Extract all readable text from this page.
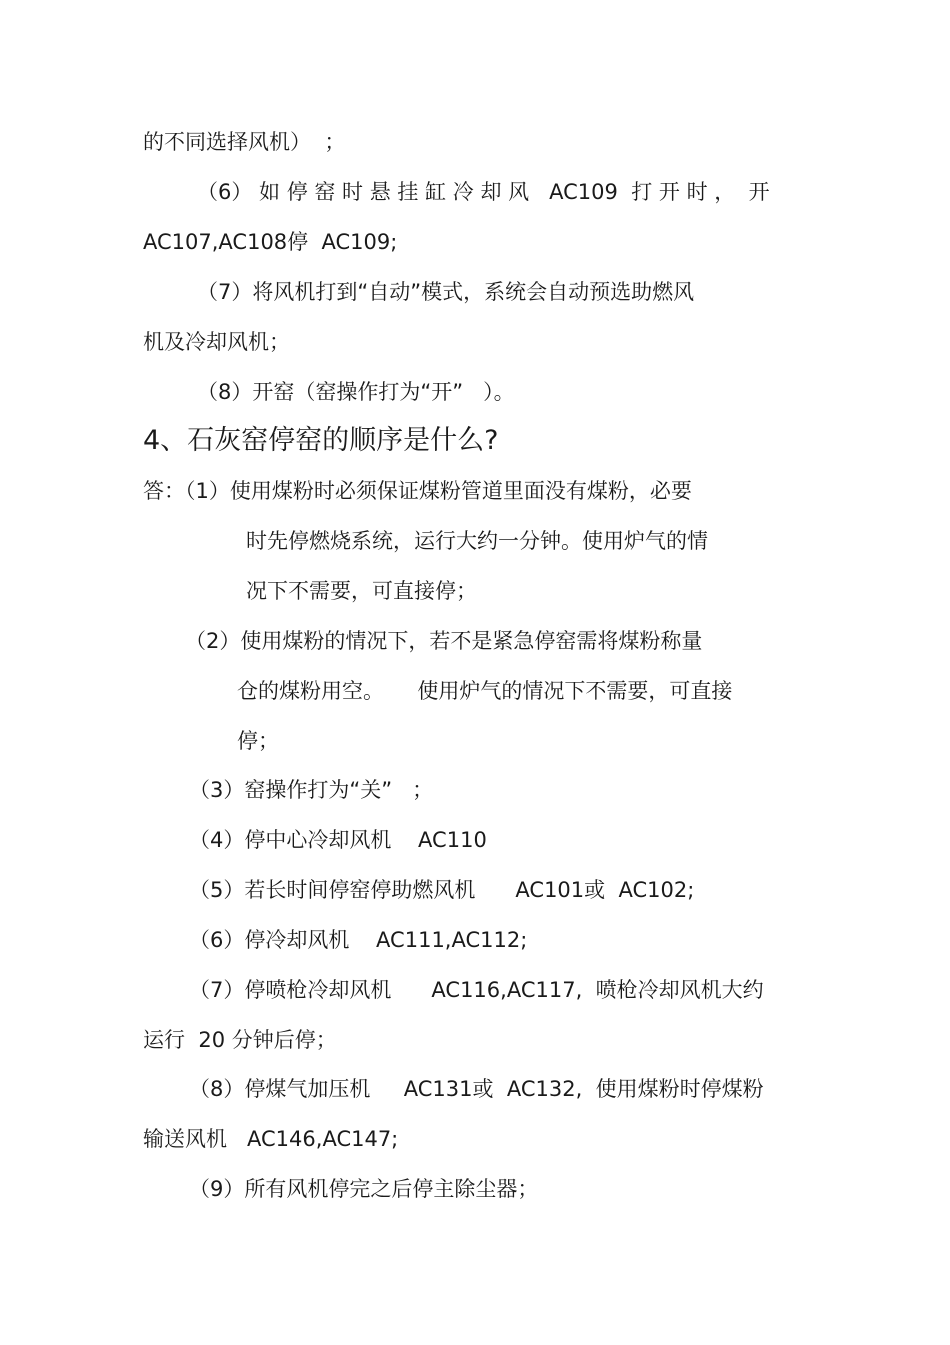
的不同选择风机）  ；

（6） 如 停 窑 时 悬 挂 缸 冷 却 风   AC109  打 开 时 ，  开

AC107,AC108停  AC109;

（7）将风机打到“自动”模式，系统会自动预选助燃风

机及冷却风机；

（8）开窑（窑操作打为“开”   ）。

4、石灰窑停窑的顺序是什么?

答：（1）使用煤粉时必须保证煤粉管道里面没有煤粉，必要

时先停燃烧系统，运行大约一分钟。使用炉气的情

况下不需要，可直接停；

（2）使用煤粉的情况下，若不是紧急停窑需将煤粉称量

仓的煤粉用空。     使用炉气的情况下不需要，可直接

停；

（3）窑操作打为“关”   ；

（4）停中心冷却风机    AC110

（5）若长时间停窑停助燃风机      AC101或  AC102;

（6）停冷却风机    AC111,AC112;

（7）停喷枪冷却风机      AC116,AC117,  喷枪冷却风机大约

运行  20 分钟后停；

（8）停煤气加压机     AC131或  AC132,  使用煤粉时停煤粉

输送风机   AC146,AC147;

（9）所有风机停完之后停主除尘器；
